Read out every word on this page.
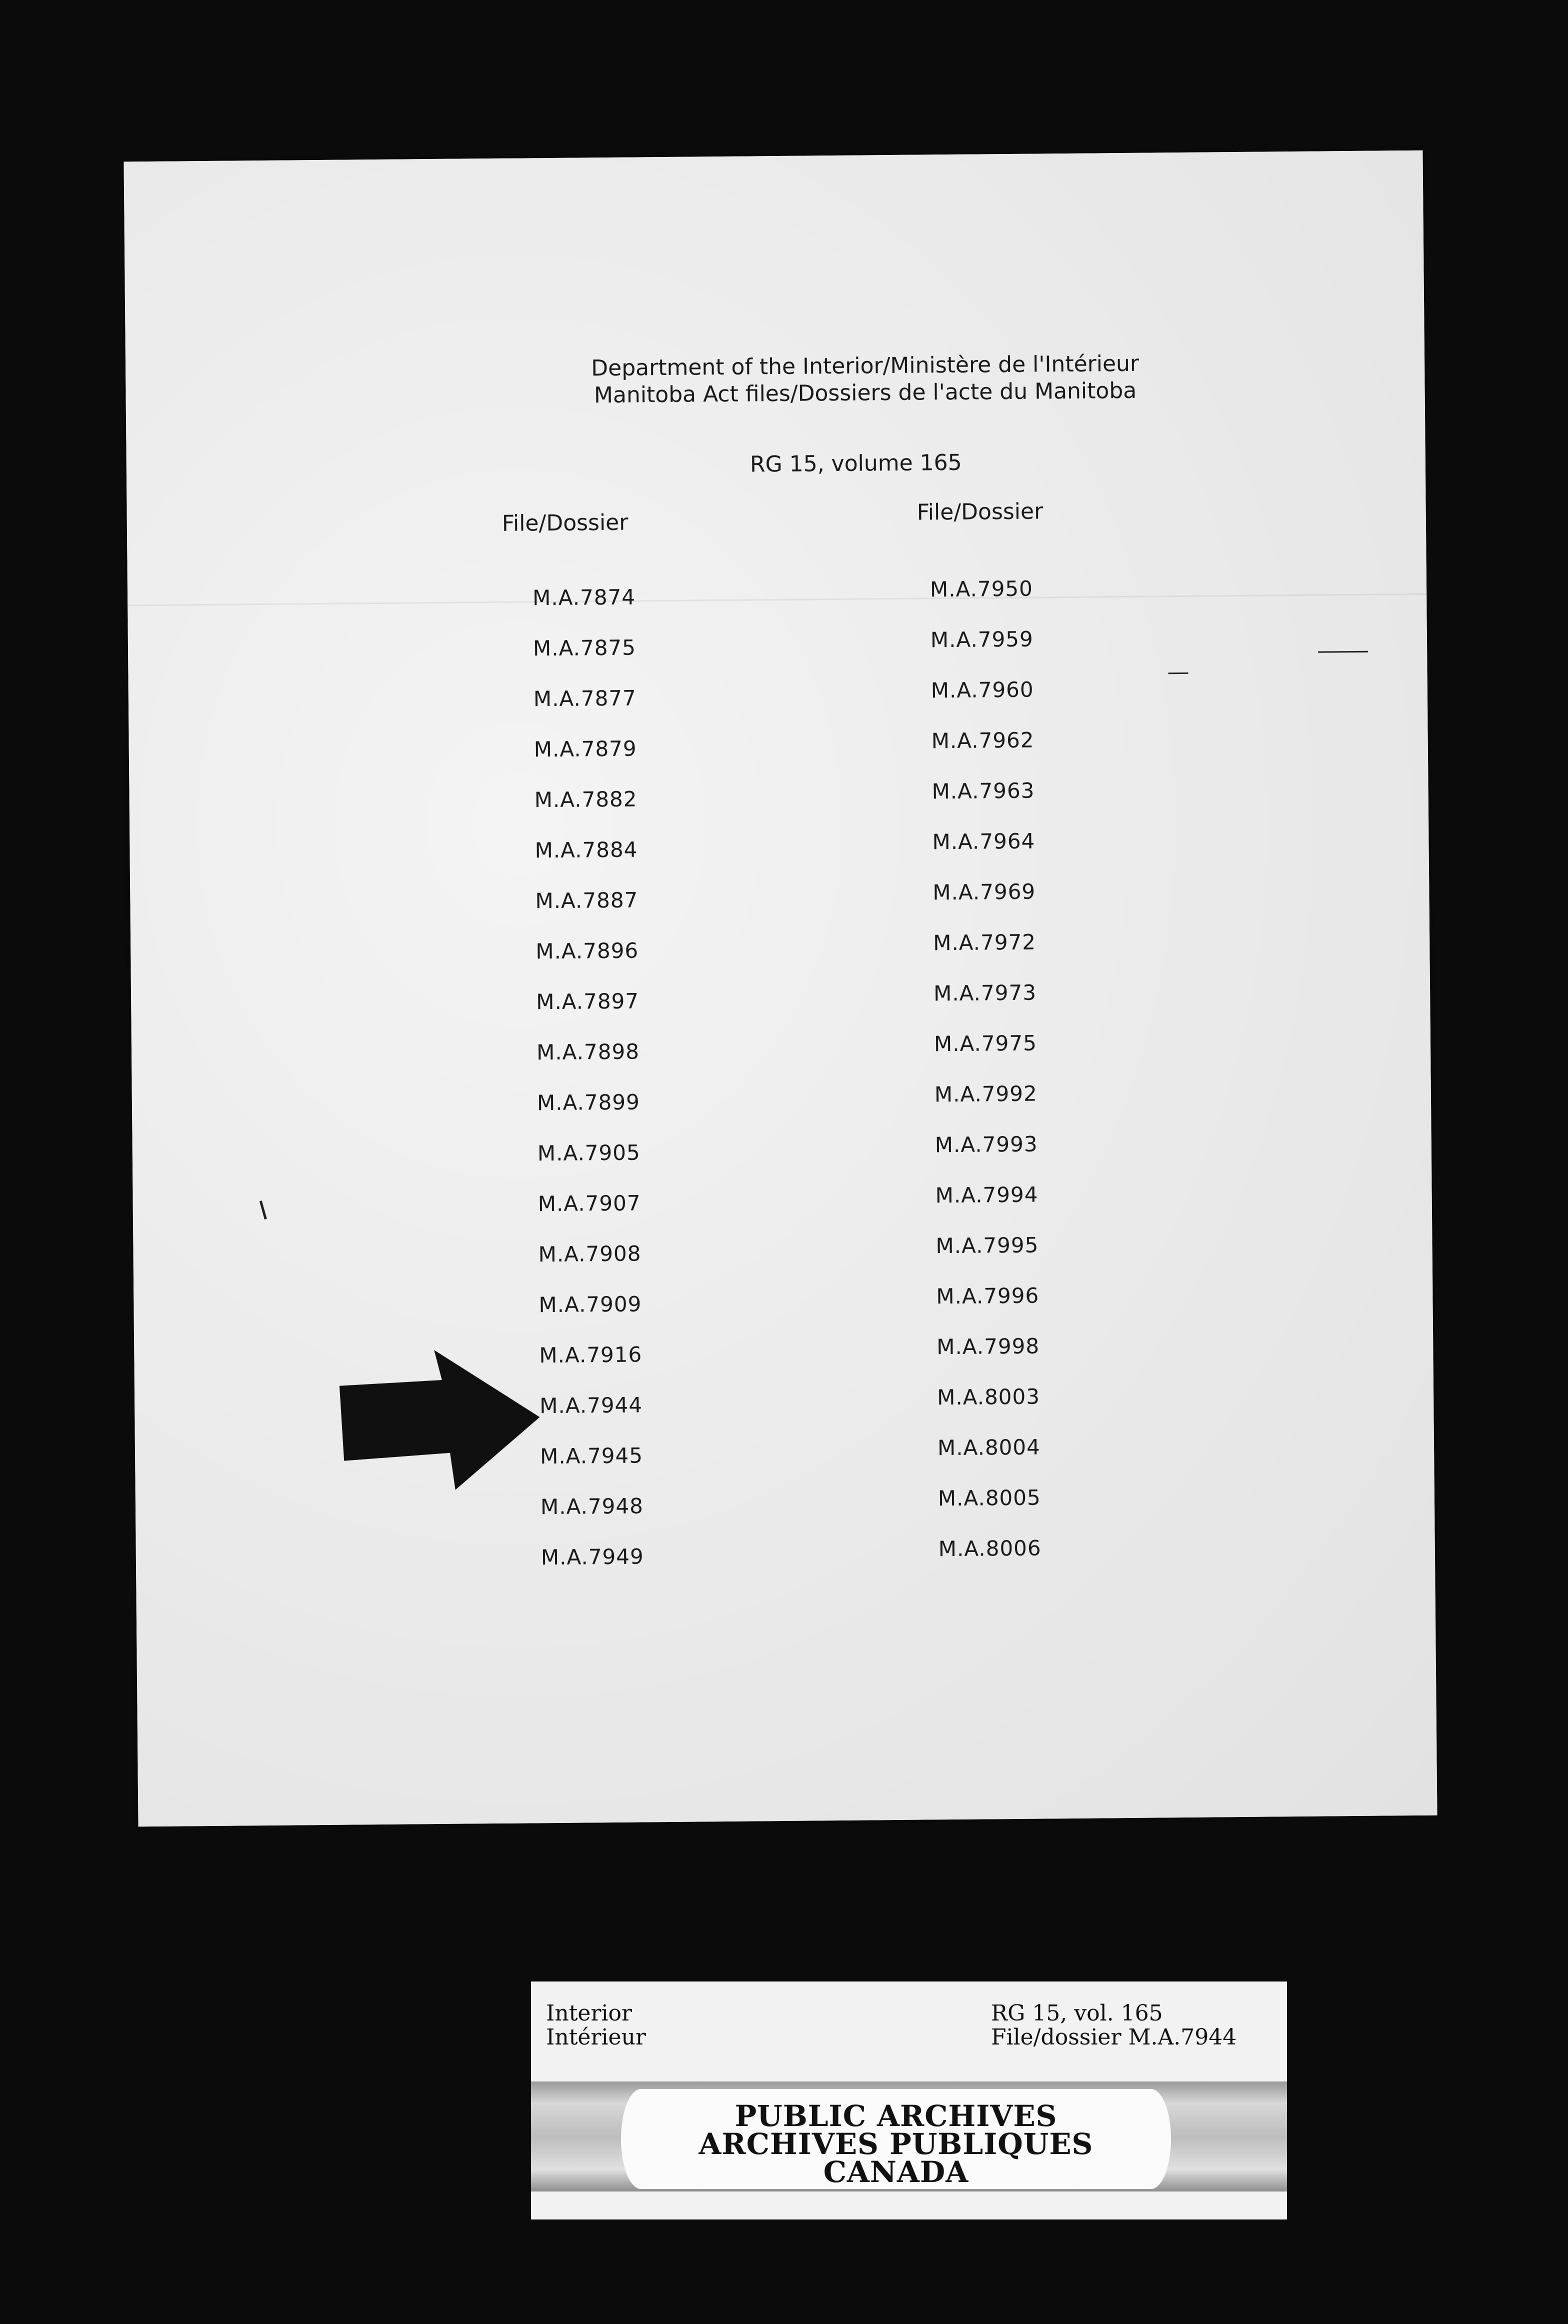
Department of the Interior/Ministère de l'Intérieur
Manitoba Act files/Dossiers de l'acte du Manitoba
RG 15, volume 165
File/Dossier	File/Dossier
M.A.7874
M.A.7875
M.A.7877
M.A.7879
M.A.7882
M.A.7884
M.A.7887
M.A.7896
M.A.7897
M.A.7898
M.A.7899
M.A.7905
M.A.7907
M.A.7908
M.A.7909
M.A.7916
M.A.7944
M.A.7945
M.A.7948
M.A.7949
M.A.7950
M.A.7959
M.A.7960
M.A.7962
M.A.7963
M.A.7964
M.A.7969
M.A.7972
M.A.7973
M.A.7975
M.A.7992
M.A.7993
M.A.7994
M.A.7995
M.A.7996
M.A.7998
M.A.8003
M.A.8004
M.A.8005
M.A.8006
Interior
Intérieur
RG 15, vol. 165
File/dossier M.A.7944
PUBLIC ARCHIVES
ARCHIVES PUBLIQUES
CANADA
